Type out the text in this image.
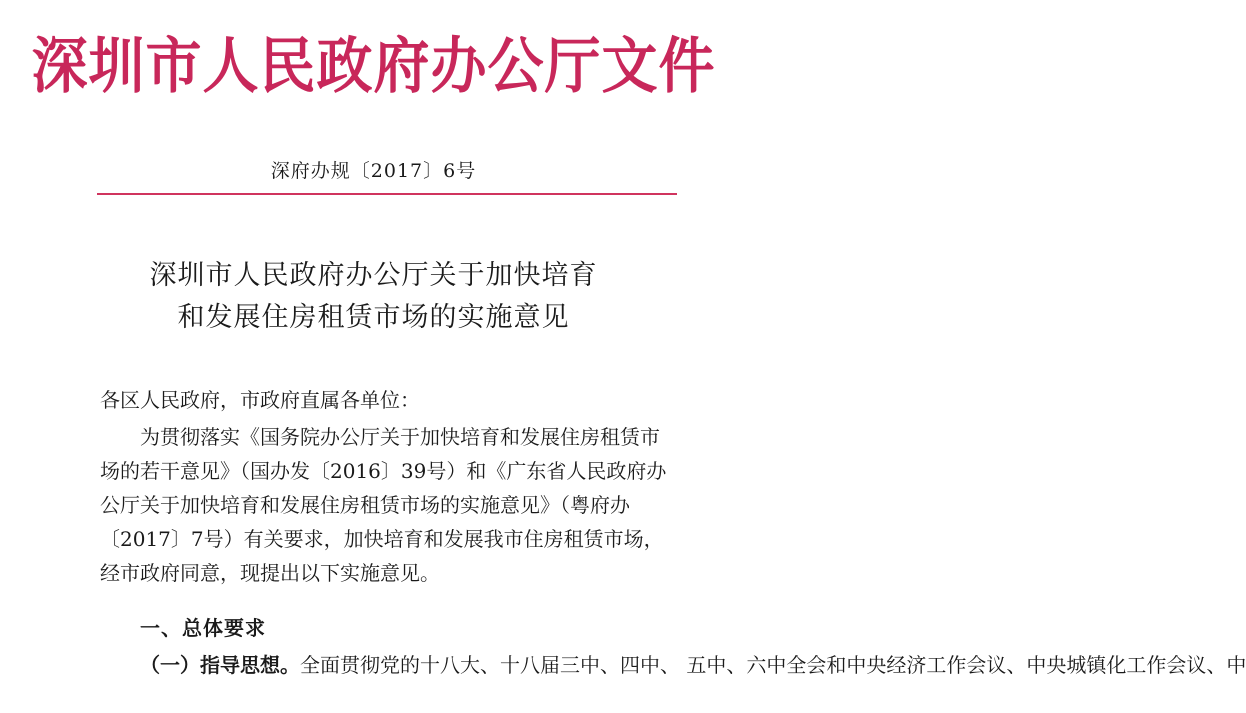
深圳市人民政府办公厅文件
深府办规〔2017〕6号
深圳市人民政府办公厅关于加快培育
和发展住房租赁市场的实施意见
各区人民政府，市政府直属各单位：
为贯彻落实《国务院办公厅关于加快培育和发展住房租赁市
场的若干意见》（国办发〔2016〕39号）和《广东省人民政府办
公厅关于加快培育和发展住房租赁市场的实施意见》（粤府办
〔2017〕7号）有关要求，加快培育和发展我市住房租赁市场，
经市政府同意，现提出以下实施意见。
一、总体要求
（一）指导思想。全面贯彻党的十八大、十八届三中、四中、 五中、六中全会和中央经济工作会议、中央城镇化工作会议、中
